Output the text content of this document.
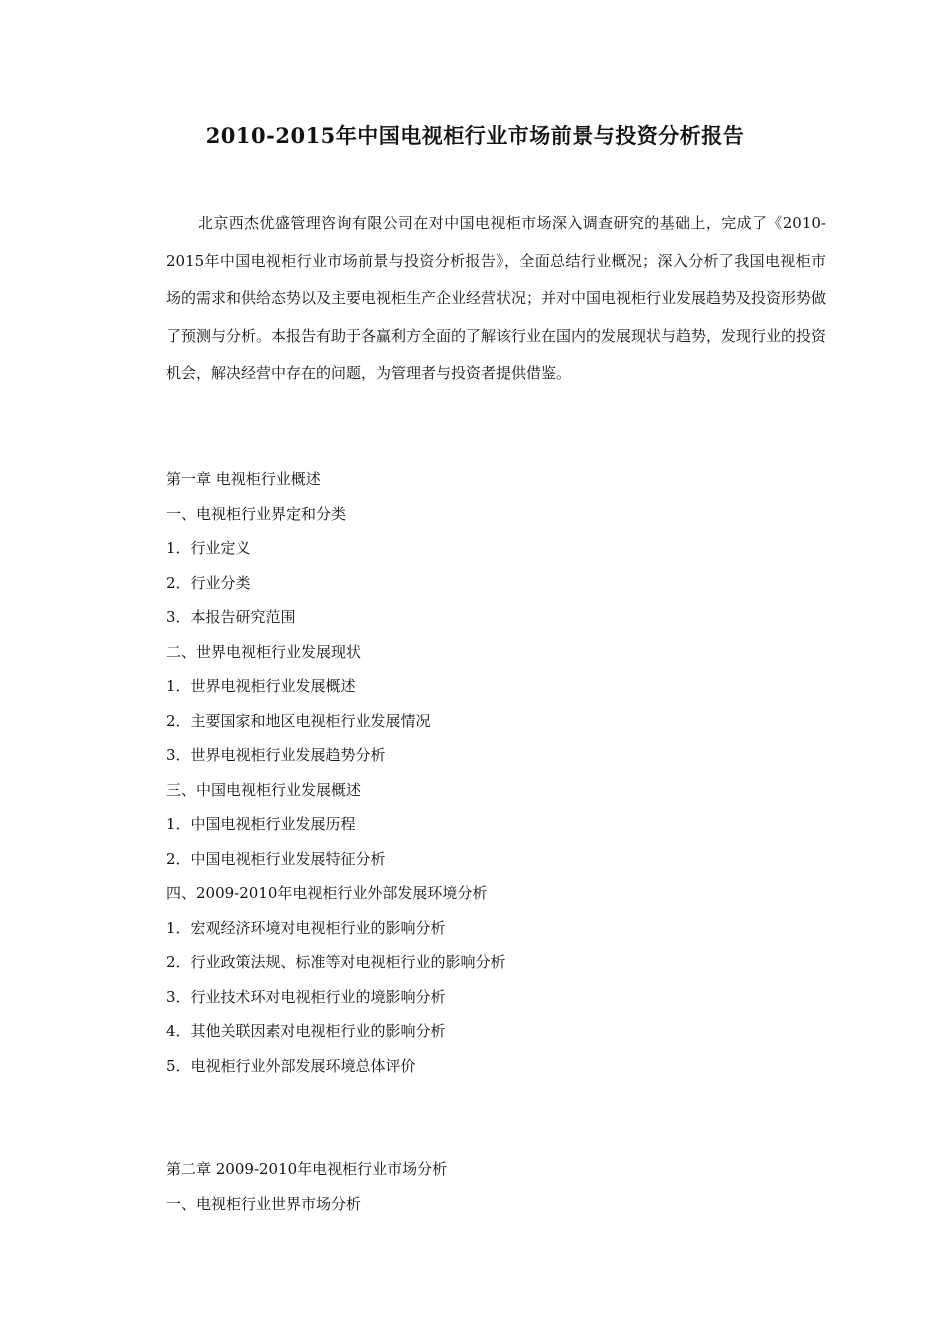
2010-2015年中国电视柜行业市场前景与投资分析报告

北京西杰优盛管理咨询有限公司在对中国电视柜市场深入调查研究的基础上，完成了《2010-2015年中国电视柜行业市场前景与投资分析报告》，全面总结行业概况；深入分析了我国电视柜市场的需求和供给态势以及主要电视柜生产企业经营状况；并对中国电视柜行业发展趋势及投资形势做了预测与分析。本报告有助于各赢利方全面的了解该行业在国内的发展现状与趋势，发现行业的投资机会，解决经营中存在的问题，为管理者与投资者提供借鉴。

第一章 电视柜行业概述
一、电视柜行业界定和分类
1．行业定义
2．行业分类
3．本报告研究范围
二、世界电视柜行业发展现状
1．世界电视柜行业发展概述
2．主要国家和地区电视柜行业发展情况
3．世界电视柜行业发展趋势分析
三、中国电视柜行业发展概述
1．中国电视柜行业发展历程
2．中国电视柜行业发展特征分析
四、2009-2010年电视柜行业外部发展环境分析
1．宏观经济环境对电视柜行业的影响分析
2．行业政策法规、标准等对电视柜行业的影响分析
3．行业技术环对电视柜行业的境影响分析
4．其他关联因素对电视柜行业的影响分析
5．电视柜行业外部发展环境总体评价
第二章 2009-2010年电视柜行业市场分析
一、电视柜行业世界市场分析
